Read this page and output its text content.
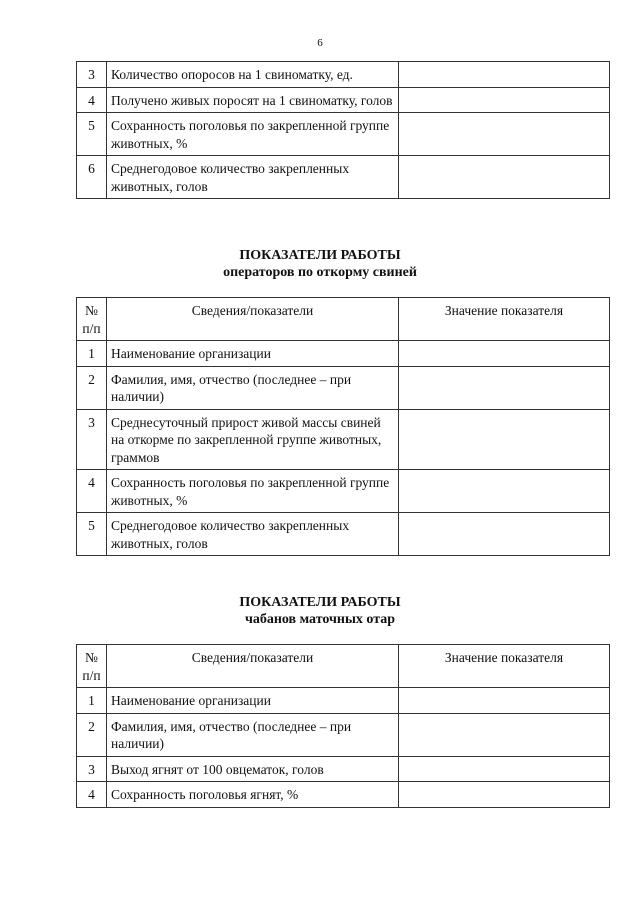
6
3	Количество опоросов на 1 свиноматку, ед.	
4	Получено живых поросят на 1 свиноматку, голов	
5	Сохранность поголовья по закрепленной группе животных, %	
6	Среднегодовое количество закрепленных животных, голов	
ПОКАЗАТЕЛИ РАБОТЫ
операторов по откорму свиней
№ п/п	Сведения/показатели	Значение показателя
1	Наименование организации	
2	Фамилия, имя, отчество (последнее – при наличии)	
3	Среднесуточный прирост живой массы свиней на откорме по закрепленной группе животных, граммов	
4	Сохранность поголовья по закрепленной группе животных, %	
5	Среднегодовое количество закрепленных животных, голов	
ПОКАЗАТЕЛИ РАБОТЫ
чабанов маточных отар
№ п/п	Сведения/показатели	Значение показателя
1	Наименование организации	
2	Фамилия, имя, отчество (последнее – при наличии)	
3	Выход ягнят от 100 овцематок, голов	
4	Сохранность поголовья ягнят, %	
